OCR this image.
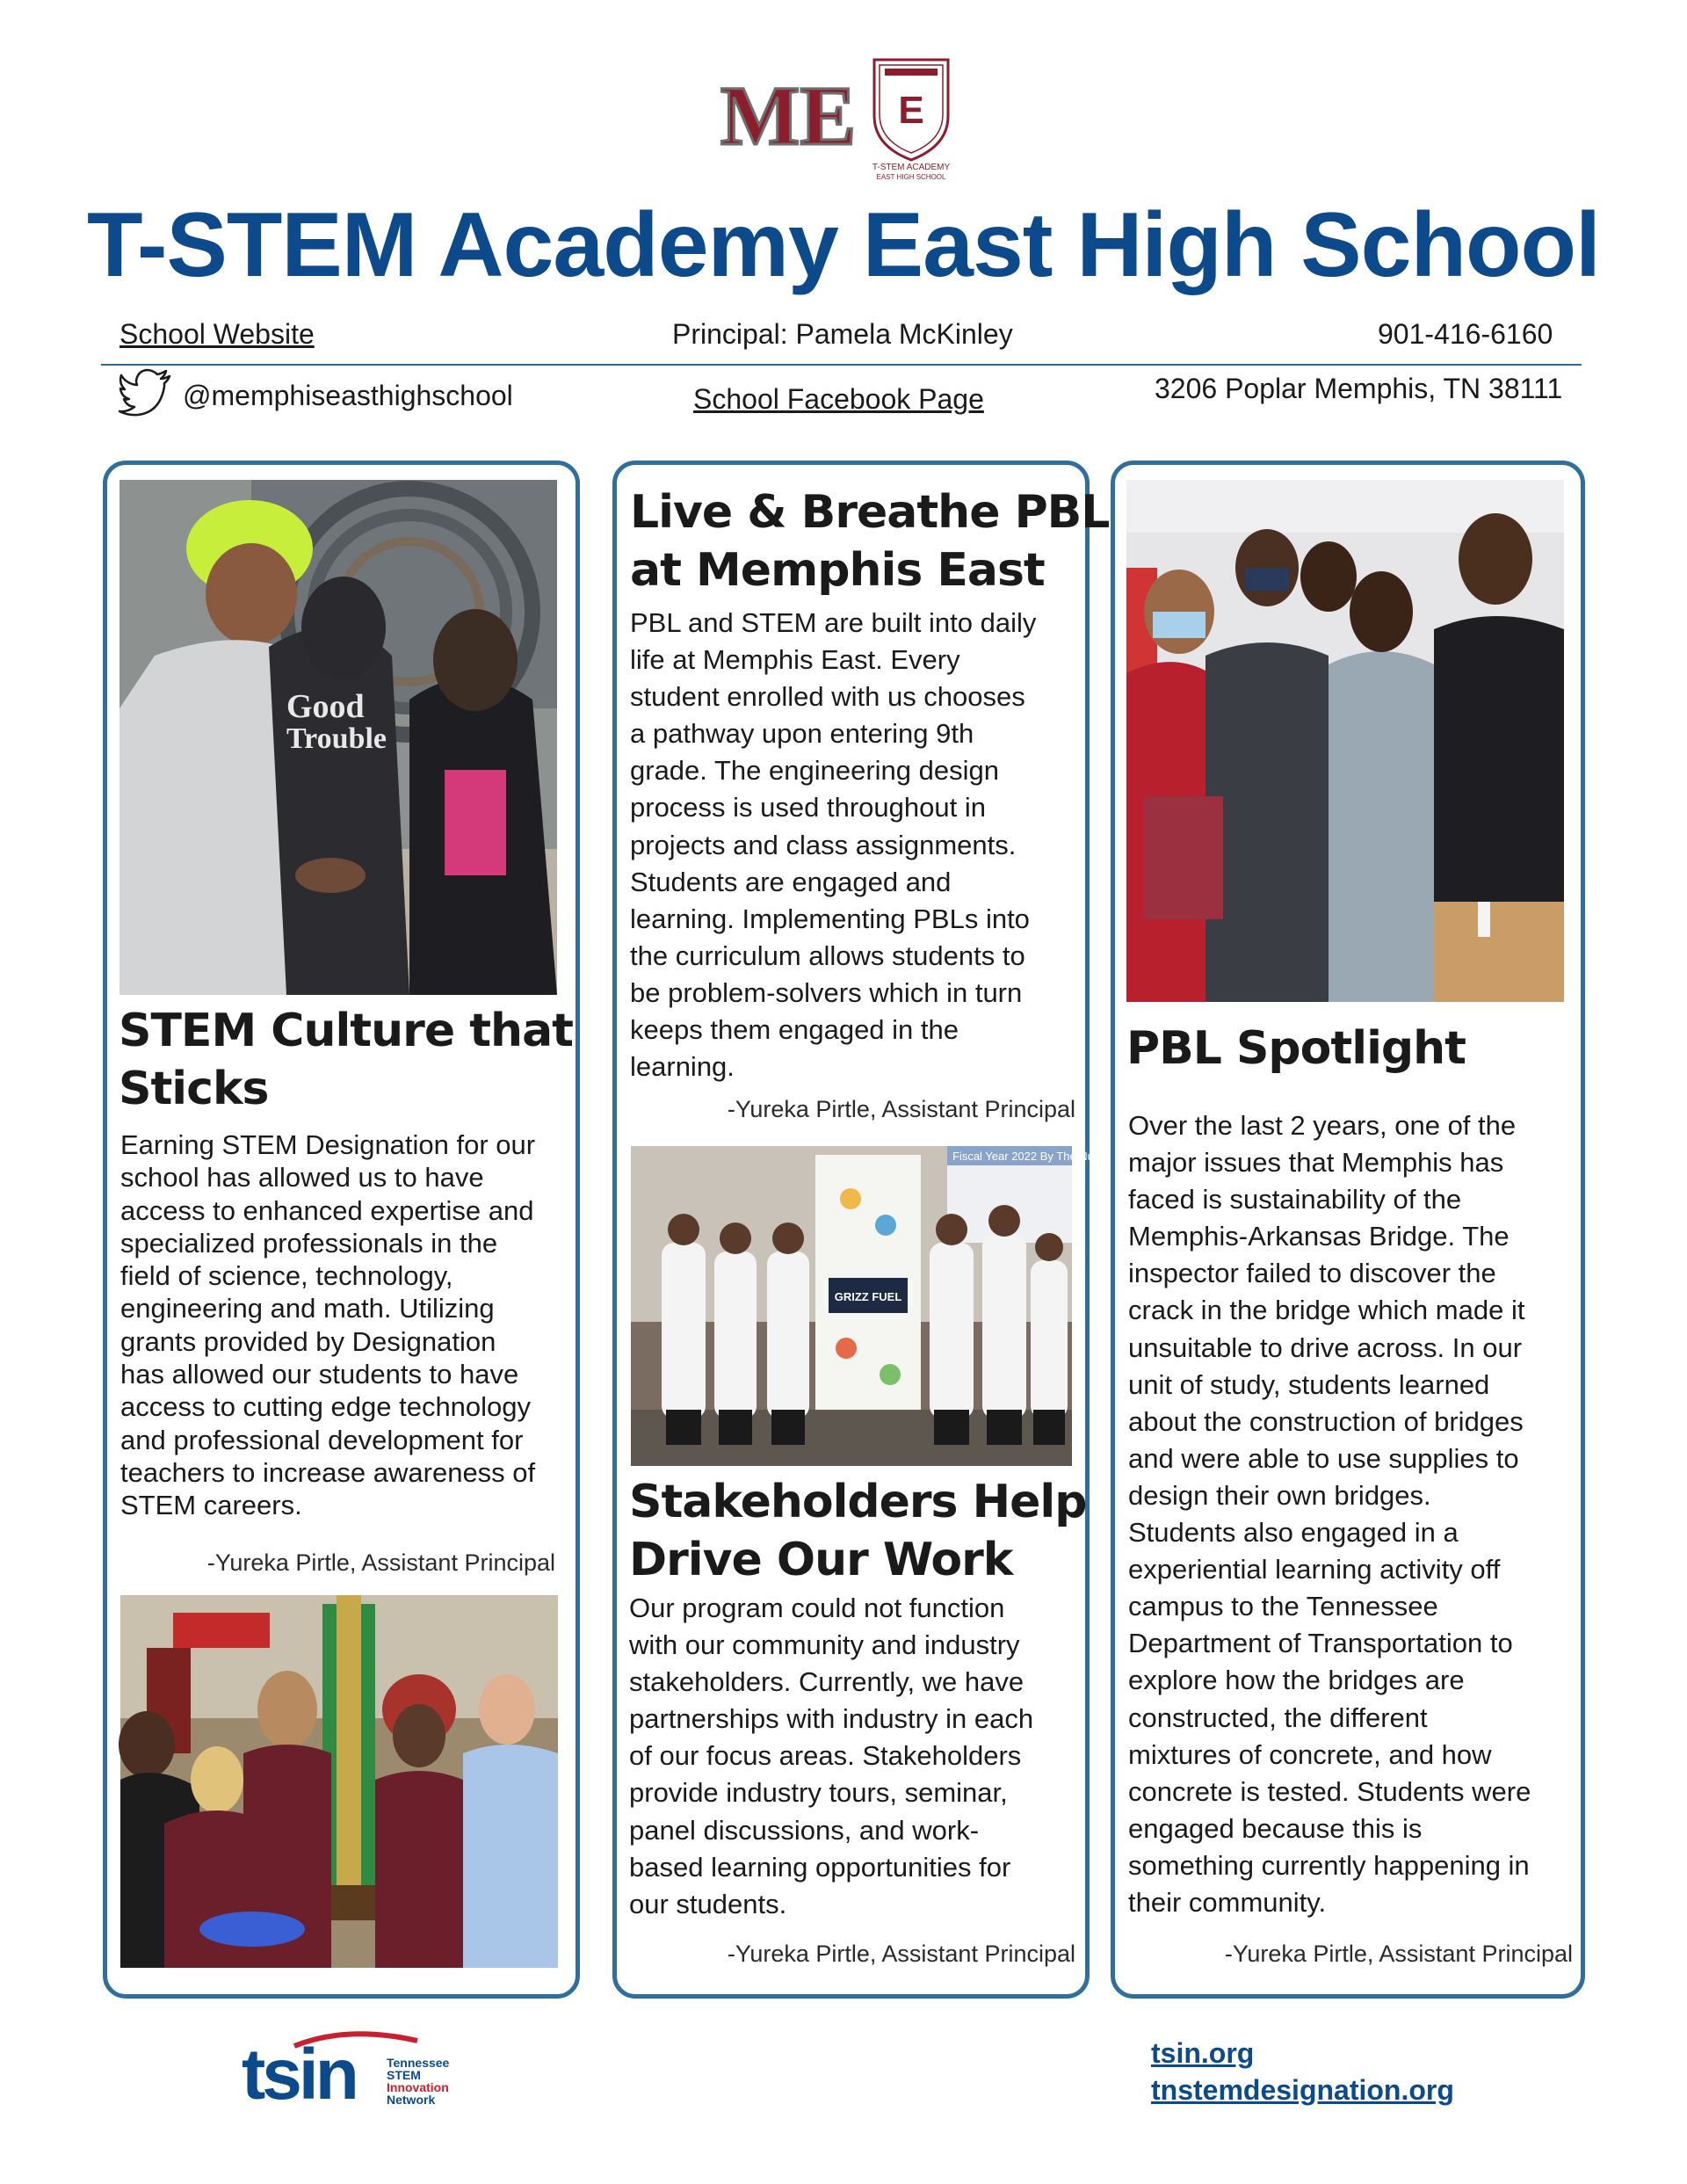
ME E
T-STEM ACADEMY
EAST HIGH SCHOOL
T-STEM Academy East High School
School Website	Principal: Pamela McKinley	901-416-6160
@memphiseasthighschool	School Facebook Page	3206 Poplar Memphis, TN 38111
Good
Trouble
STEM Culture that
Sticks
Earning STEM Designation for our
school has allowed us to have
access to enhanced expertise and
specialized professionals in the
field of science, technology,
engineering and math. Utilizing
grants provided by Designation
has allowed our students to have
access to cutting edge technology
and professional development for
teachers to increase awareness of
STEM careers.
-Yureka Pirtle, Assistant Principal
Live & Breathe PBL
at Memphis East
PBL and STEM are built into daily
life at Memphis East. Every
student enrolled with us chooses
a pathway upon entering 9th
grade. The engineering design
process is used throughout in
projects and class assignments.
Students are engaged and
learning. Implementing PBLs into
the curriculum allows students to
be problem-solvers which in turn
keeps them engaged in the
learning.
-Yureka Pirtle, Assistant Principal
Fiscal Year 2022 By The Nu
GRIZZ FUEL
Stakeholders Help
Drive Our Work
Our program could not function
with our community and industry
stakeholders. Currently, we have
partnerships with industry in each
of our focus areas. Stakeholders
provide industry tours, seminar,
panel discussions, and work-
based learning opportunities for
our students.
-Yureka Pirtle, Assistant Principal
PBL Spotlight
Over the last 2 years, one of the
major issues that Memphis has
faced is sustainability of the
Memphis-Arkansas Bridge. The
inspector failed to discover the
crack in the bridge which made it
unsuitable to drive across. In our
unit of study, students learned
about the construction of bridges
and were able to use supplies to
design their own bridges.
Students also engaged in a
experiential learning activity off
campus to the Tennessee
Department of Transportation to
explore how the bridges are
constructed, the different
mixtures of concrete, and how
concrete is tested. Students were
engaged because this is
something currently happening in
their community.
-Yureka Pirtle, Assistant Principal
tsin	Tennessee
STEM
Innovation
Network
tsin.org
tnstemdesignation.org
